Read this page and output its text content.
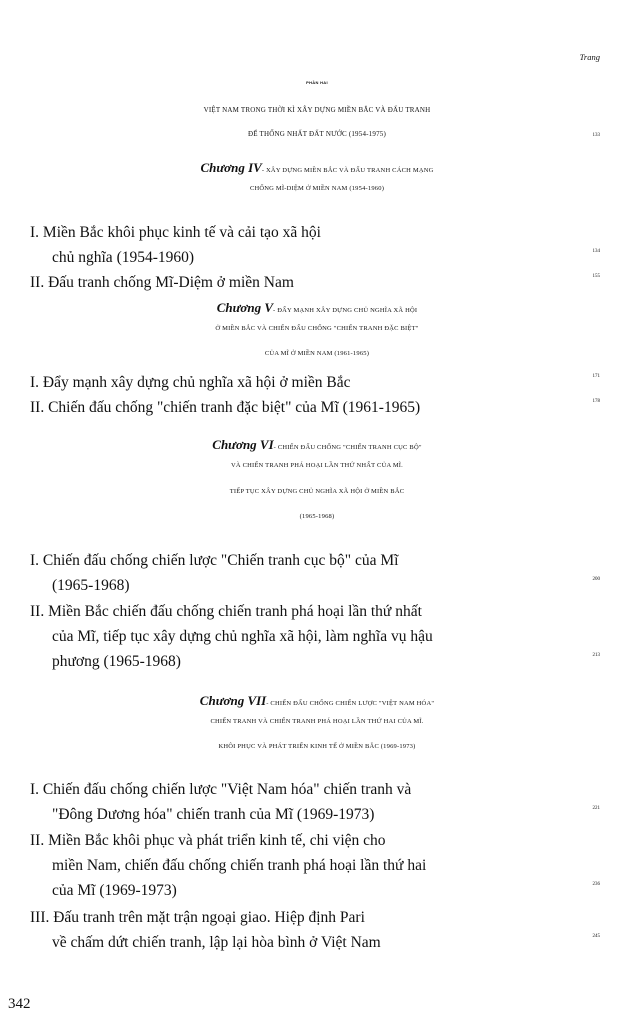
Trang
PHẦN HAI
VIỆT NAM TRONG THỜI KÌ XÂY DỰNG MIỀN BẮC VÀ ĐẤU TRANH
ĐỂ THỐNG NHẤT ĐẤT NƯỚC (1954-1975)	133
Chương IV- XÂY DỰNG MIỀN BẮC VÀ ĐẤU TRANH CÁCH MẠNG
CHỐNG MĨ-DIỆM Ở MIỀN NAM (1954-1960)
I. Miền Bắc khôi phục kinh tế và cải tạo xã hội
chủ nghĩa (1954-1960)	134
II. Đấu tranh chống Mĩ-Diệm ở miền Nam	155
Chương V- ĐẨY MẠNH XÂY DỰNG CHỦ NGHĨA XÃ HỘI
Ở MIỀN BẮC VÀ CHIẾN ĐẤU CHỐNG "CHIẾN TRANH ĐẶC BIỆT"
CỦA MĨ Ở MIỀN NAM (1961-1965)
I. Đẩy mạnh xây dựng chủ nghĩa xã hội ở miền Bắc	171
II. Chiến đấu chống "chiến tranh đặc biệt" của Mĩ (1961-1965)	178
Chương VI- CHIẾN ĐẤU CHỐNG "CHIẾN TRANH CỤC BỘ"
VÀ CHIẾN TRANH PHÁ HOẠI LẦN THỨ NHẤT CỦA MĨ.
TIẾP TỤC XÂY DỰNG CHỦ NGHĨA XÃ HỘI Ở MIỀN BẮC
(1965-1968)
I. Chiến đấu chống chiến lược "Chiến tranh cục bộ" của Mĩ
(1965-1968)	200
II. Miền Bắc chiến đấu chống chiến tranh phá hoại lần thứ nhất
của Mĩ, tiếp tục xây dựng chủ nghĩa xã hội, làm nghĩa vụ hậu
phương (1965-1968)	213
Chương VII- CHIẾN ĐẤU CHỐNG CHIẾN LƯỢC "VIỆT NAM HÓA"
CHIẾN TRANH VÀ CHIẾN TRANH PHÁ HOẠI LẦN THỨ HAI CỦA MĨ.
KHÔI PHỤC VÀ PHÁT TRIỂN KINH TẾ Ở MIỀN BẮC (1969-1973)
I. Chiến đấu chống chiến lược "Việt Nam hóa" chiến tranh và
"Đông Dương hóa" chiến tranh của Mĩ (1969-1973)	221
II. Miền Bắc khôi phục và phát triển kinh tế, chi viện cho
miền Nam, chiến đấu chống chiến tranh phá hoại lần thứ hai
của Mĩ (1969-1973)	236
III. Đấu tranh trên mặt trận ngoại giao. Hiệp định Pari
về chấm dứt chiến tranh, lập lại hòa bình ở Việt Nam	245
342
